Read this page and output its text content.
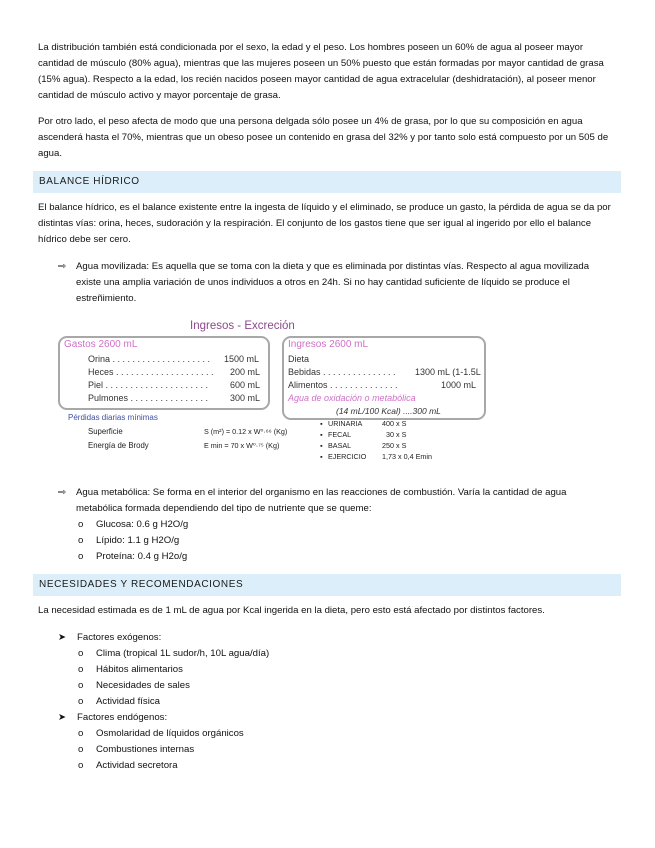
La distribución también está condicionada por el sexo, la edad y el peso. Los hombres poseen un 60% de agua al poseer mayor cantidad de músculo (80% agua), mientras que las mujeres poseen un 50% puesto que están formadas por mayor cantidad de grasa (15% agua). Respecto a la edad, los recién nacidos poseen mayor cantidad de agua extracelular (deshidratación), al poseer menor cantidad de músculo activo y mayor porcentaje de grasa.

Por otro lado, el peso afecta de modo que una persona delgada sólo posee un 4% de grasa, por lo que su composición en agua ascenderá hasta el 70%, mientras que un obeso posee un contenido en grasa del 32% y por tanto solo está compuesto por un 505 de agua.

BALANCE HÍDRICO

El balance hídrico, es el balance existente entre la ingesta de líquido y el eliminado, se produce un gasto, la pérdida de agua se da por distintas vías: orina, heces, sudoración y la respiración. El conjunto de los gastos tiene que ser igual al ingerido por ello el balance hídrico debe ser cero.

⇨ Agua movilizada: Es aquella que se toma con la dieta y que es eliminada por distintas vías. Respecto al agua movilizada existe una amplia variación de unos individuos a otros en 24h. Si no hay cantidad suficiente de líquido se produce el estreñimiento.
Ingresos - Excreción
Gastos 2600 mL
Orina . . . . . . . . . . . . . . . . . . . . 1500 mL
Heces . . . . . . . . . . . . . . . . . . . . 200 mL
Piel . . . . . . . . . . . . . . . . . . . . . 600 mL
Pulmones . . . . . . . . . . . . . . . . 300 mL
Ingresos 2600 mL
Dieta
Bebidas . . . . . . . . . . . . . . . 1300 mL (1-1.5L
Alimentos . . . . . . . . . . . . . .	1000 mL
Agua de oxidación o metabólica
(14 mL/100 Kcal) ....300 mL
Pérdidas diarias mínimas
Superficie	S (m²) = 0.12 x W⁰·⁶⁶ (Kg)
Energía de Brody	E min = 70 x W⁰·⁷⁵ (Kg)
▪ URINARIA	400 x S
▪ FECAL	30 x S
▪ BASAL	250 x S
▪ EJERCICIO 1,73 x 0,4 Emin
⇨ Agua metabólica: Se forma en el interior del organismo en las reacciones de combustión. Varía la cantidad de agua metabólica formada dependiendo del tipo de nutriente que se queme:
o Glucosa: 0.6 g H2O/g
o Lípido: 1.1 g H2O/g
o Proteína: 0.4 g H2o/g
NECESIDADES Y RECOMENDACIONES

La necesidad estimada es de 1 mL de agua por Kcal ingerida en la dieta, pero esto está afectado por distintos factores.

➤ Factores exógenos:
o Clima (tropical 1L sudor/h, 10L agua/día)
o Hábitos alimentarios
o Necesidades de sales
o Actividad física
➤ Factores endógenos:
o Osmolaridad de líquidos orgánicos
o Combustiones internas
o Actividad secretora
